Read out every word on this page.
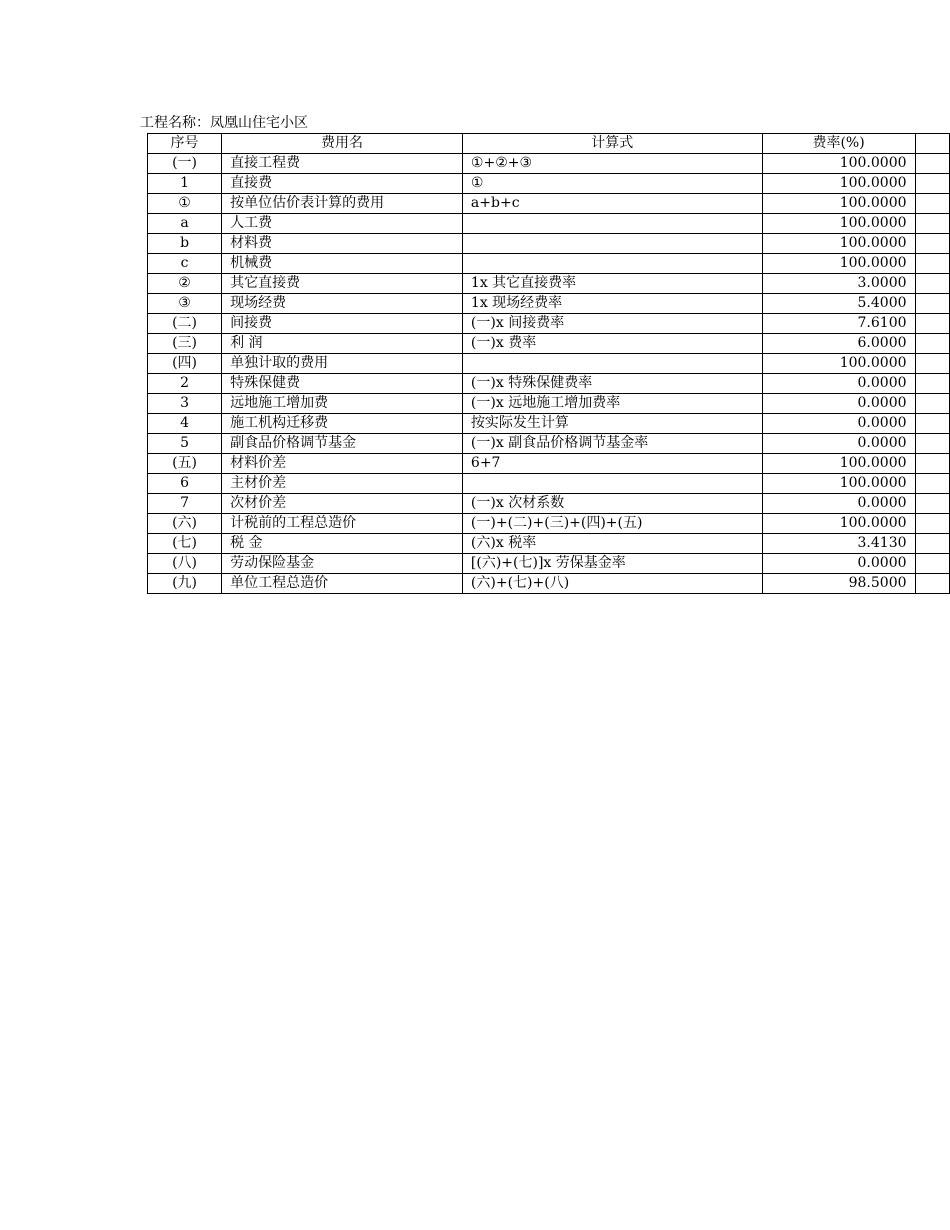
工程名称：凤凰山住宅小区
序号	费用名	计算式	费率(%)	
(一)	直接工程费	①+②+③	100.0000	
1	直接费	①	100.0000	
①	按单位估价表计算的费用	a+b+c	100.0000	
a	人工费		100.0000	
b	材料费		100.0000	
c	机械费		100.0000	
②	其它直接费	1x 其它直接费率	3.0000	
③	现场经费	1x 现场经费率	5.4000	
(二)	间接费	(一)x 间接费率	7.6100	
(三)	利 润	(一)x 费率	6.0000	
(四)	单独计取的费用		100.0000	
2	特殊保健费	(一)x 特殊保健费率	0.0000	
3	远地施工增加费	(一)x 远地施工增加费率	0.0000	
4	施工机构迁移费	按实际发生计算	0.0000	
5	副食品价格调节基金	(一)x 副食品价格调节基金率	0.0000	
(五)	材料价差	6+7	100.0000	
6	主材价差		100.0000	
7	次材价差	(一)x 次材系数	0.0000	
(六)	计税前的工程总造价	(一)+(二)+(三)+(四)+(五)	100.0000	
(七)	税 金	(六)x 税率	3.4130	
(八)	劳动保险基金	[(六)+(七)]x 劳保基金率	0.0000	
(九)	单位工程总造价	(六)+(七)+(八)	98.5000	
